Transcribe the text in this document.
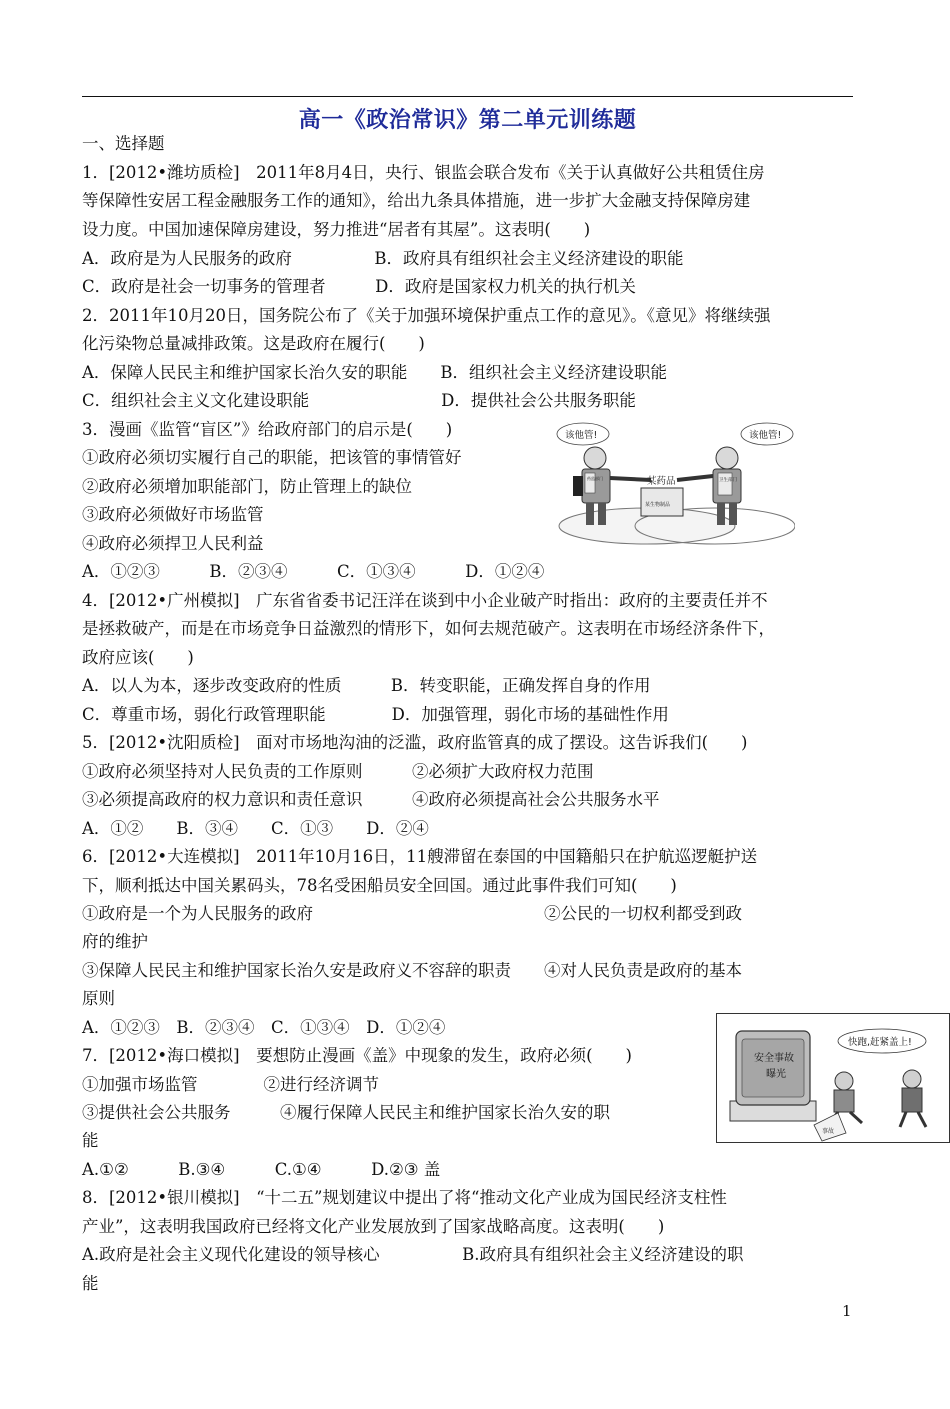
高一《政治常识》第二单元训练题
一、选择题
1．[2012•潍坊质检]　2011年8月4日，央行、银监会联合发布《关于认真做好公共租赁住房
等保障性安居工程金融服务工作的通知》，给出九条具体措施，进一步扩大金融支持保障房建
设力度。中国加速保障房建设，努力推进“居者有其屋”。这表明(　　)
A．政府是为人民服务的政府　　　　　B．政府具有组织社会主义经济建设的职能
C．政府是社会一切事务的管理者　　　D．政府是国家权力机关的执行机关
2．2011年10月20日，国务院公布了《关于加强环境保护重点工作的意见》。《意见》将继续强
化污染物总量减排政策。这是政府在履行(　　)
A．保障人民民主和维护国家长治久安的职能　　B．组织社会主义经济建设职能
C．组织社会主义文化建设职能　　　　　　　　D．提供社会公共服务职能
3．漫画《监管“盲区”》给政府部门的启示是(　　)
①政府必须切实履行自己的职能，把该管的事情管好
②政府必须增加职能部门，防止管理上的缺位
③政府必须做好市场监管
④政府必须捍卫人民利益
A．①②③　　　B．②③④　　　C．①③④　　　D．①②④
4．[2012•广州模拟]　广东省省委书记汪洋在谈到中小企业破产时指出：政府的主要责任并不
是拯救破产，而是在市场竞争日益激烈的情形下，如何去规范破产。这表明在市场经济条件下，
政府应该(　　)
A．以人为本，逐步改变政府的性质　　　B．转变职能，正确发挥自身的作用
C．尊重市场，弱化行政管理职能　　　　D．加强管理，弱化市场的基础性作用
5．[2012•沈阳质检]　面对市场地沟油的泛滥，政府监管真的成了摆设。这告诉我们(　　)
①政府必须坚持对人民负责的工作原则　　　②必须扩大政府权力范围
③必须提高政府的权力意识和责任意识　　　④政府必须提高社会公共服务水平
A．①②　　B．③④　　C．①③　　D．②④
6．[2012•大连模拟]　2011年10月16日，11艘滞留在泰国的中国籍船只在护航巡逻艇护送
下，顺利抵达中国关累码头，78名受困船员安全回国。通过此事件我们可知(　　)
①政府是一个为人民服务的政府　　　　　　　　　　　　　　②公民的一切权利都受到政
府的维护
③保障人民民主和维护国家长治久安是政府义不容辞的职责　　④对人民负责是政府的基本
原则
A．①②③　B．②③④　C．①③④　D．①②④
7．[2012•海口模拟]　要想防止漫画《盖》中现象的发生，政府必须(　　)
①加强市场监管　　　　②进行经济调节
③提供社会公共服务　　　④履行保障人民民主和维护国家长治久安的职
能
A.①②　　　B.③④　　　C.①④　　　D.②③ 盖
8．[2012•银川模拟]　“十二五”规划建议中提出了将“推动文化产业成为国民经济支柱性
产业”，这表明我国政府已经将文化产业发展放到了国家战略高度。这表明(　　)
A.政府是社会主义现代化建设的领导核心　　　　　B.政府具有组织社会主义经济建设的职
能
1
该他管!	该他管!
药监部门	卫生部门
某药品
某生物制品
安全事故
曝光
快跑,赶紧盖上!
事故
